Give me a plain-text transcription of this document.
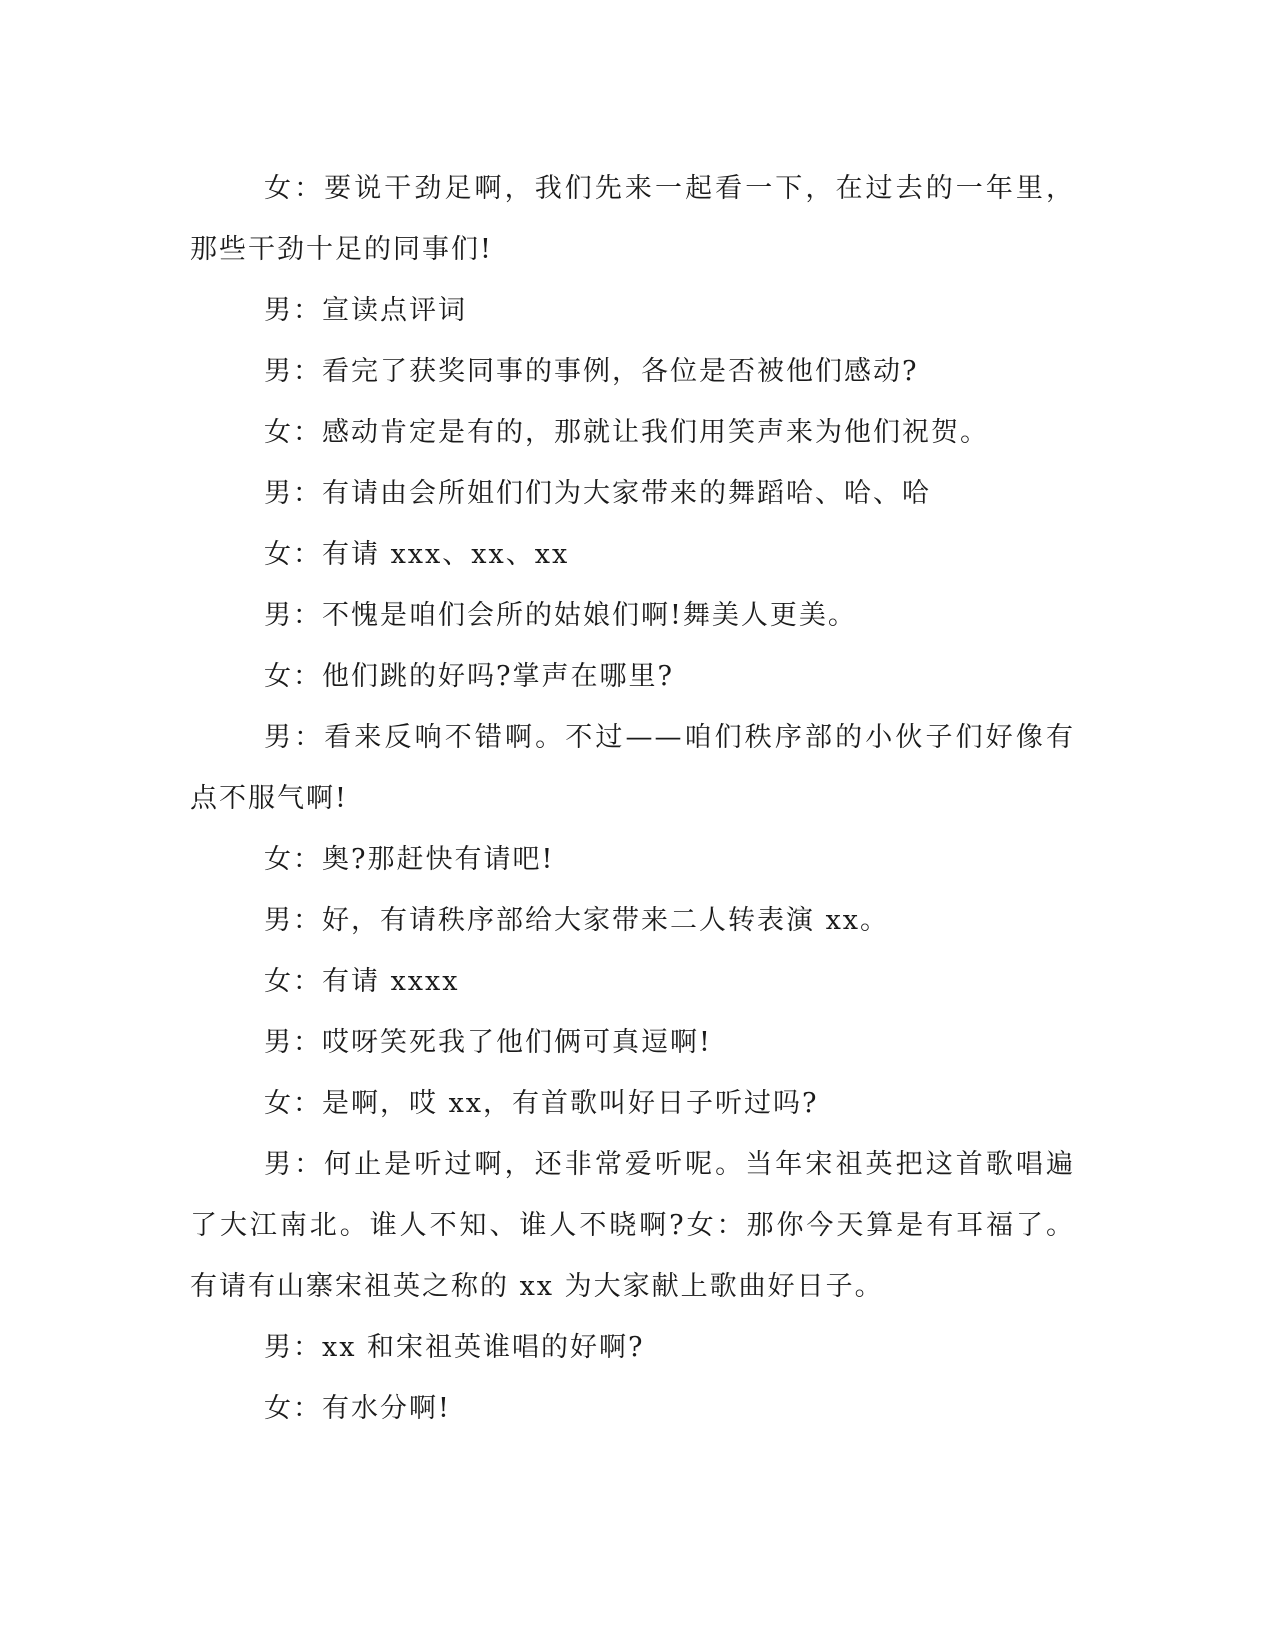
女：要说干劲足啊，我们先来一起看一下，在过去的一年里，那些干劲十足的同事们!

男：宣读点评词

男：看完了获奖同事的事例，各位是否被他们感动?

女：感动肯定是有的，那就让我们用笑声来为他们祝贺。

男：有请由会所姐们们为大家带来的舞蹈哈、哈、哈

女：有请 xxx、xx、xx

男：不愧是咱们会所的姑娘们啊!舞美人更美。

女：他们跳的好吗?掌声在哪里?

男：看来反响不错啊。不过——咱们秩序部的小伙子们好像有点不服气啊!

女：奥?那赶快有请吧!

男：好，有请秩序部给大家带来二人转表演 xx。

女：有请 xxxx

男：哎呀笑死我了他们俩可真逗啊!

女：是啊，哎 xx，有首歌叫好日子听过吗?

男：何止是听过啊，还非常爱听呢。当年宋祖英把这首歌唱遍了大江南北。谁人不知、谁人不晓啊?女：那你今天算是有耳福了。有请有山寨宋祖英之称的 xx 为大家献上歌曲好日子。

男：xx 和宋祖英谁唱的好啊?

女：有水分啊!
